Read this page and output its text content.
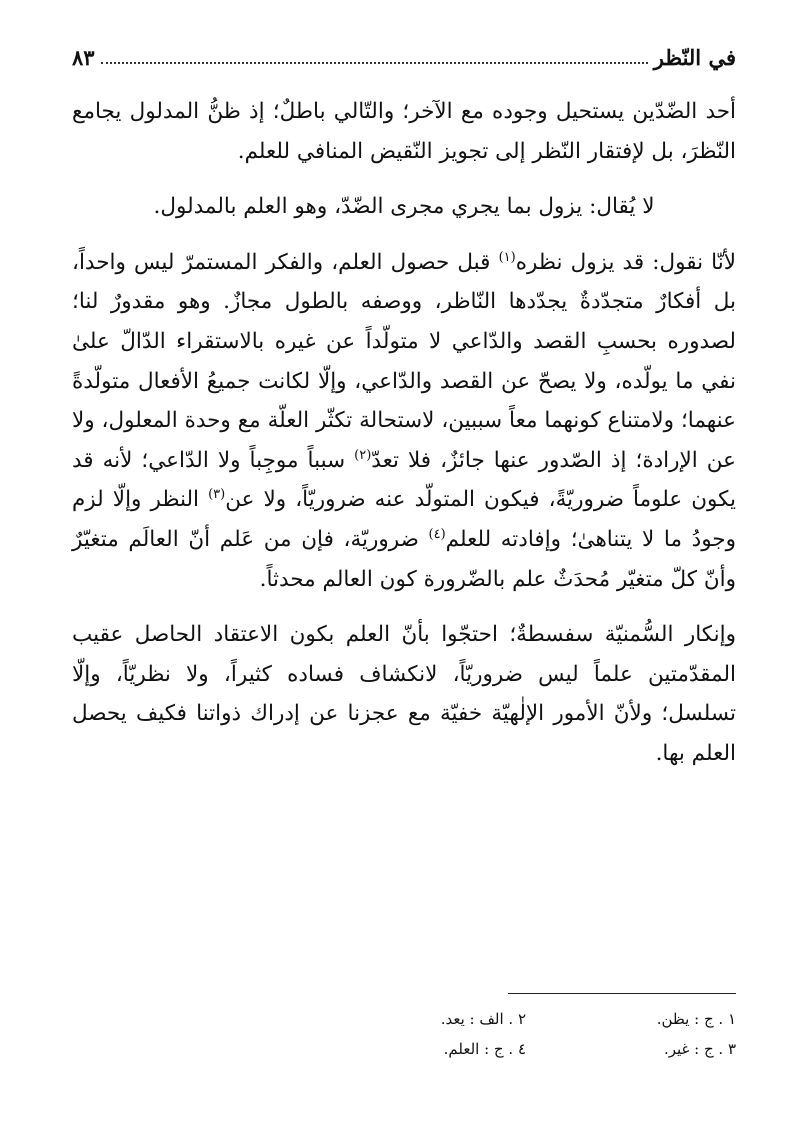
في النّظر
٨٣

أحد الضّدّين يستحيل وجوده مع الآخر؛ والتّالي باطلٌ؛ إذ ظنُّ المدلول يجامع النّظرَ، بل لإفتقار النّظر إلى تجويز النّقيض المنافي للعلم.

لا يُقال: يزول بما يجري مجرى الضّدّ، وهو العلم بالمدلول.

لأنّا نقول: قد يزول نظره$^{(١)}$ قبل حصول العلم، والفكر المستمرّ ليس واحداً، بل أفكارٌ متجدّدةٌ يجدّدها النّاظر، ووصفه بالطول مجازٌ. وهو مقدورٌ لنا؛ لصدوره بحسبِ القصد والدّاعي لا متولّداً عن غيره بالاستقراء الدّالّ علىٰ نفي ما يولّده، ولا يصحّ عن القصد والدّاعي، وإلّا لكانت جميعُ الأفعال متولّدةً عنهما؛ ولامتناع كونهما معاً سببين، لاستحالة تكثّر العلّة مع وحدة المعلول، ولا عن الإرادة؛ إذ الصّدور عنها جائزٌ، فلا تعدّ$^{(٢)}$ سبباً موجِباً ولا الدّاعي؛ لأنه قد يكون علوماً ضروريّةً، فيكون المتولّد عنه ضروريّاً، ولا عن$^{(٣)}$ النظر وإلّا لزم وجودُ ما لا يتناهىٰ؛ وإفادته للعلم$^{(٤)}$ ضروريّة، فإن من عَلم أنّ العالَم متغيّرٌ وأنّ كلّ متغيّر مُحدَثٌ علم بالضّرورة كون العالم محدثاً.

وإنكار السُّمنيّة سفسطةٌ؛ احتجّوا بأنّ العلم بكون الاعتقاد الحاصل عقيب المقدّمتين علماً ليس ضروريّاً، لانكشاف فساده كثيراً، ولا نظريّاً، وإلّا تسلسل؛ ولأنّ الأمور الإلٰهيّة خفيّة مع عجزنا عن إدراك ذواتنا فكيف يحصل العلم بها.

١ . ج : يظن.
٢ . الف : يعد.
٣ . ج : غير.
٤ . ج : العلم.
